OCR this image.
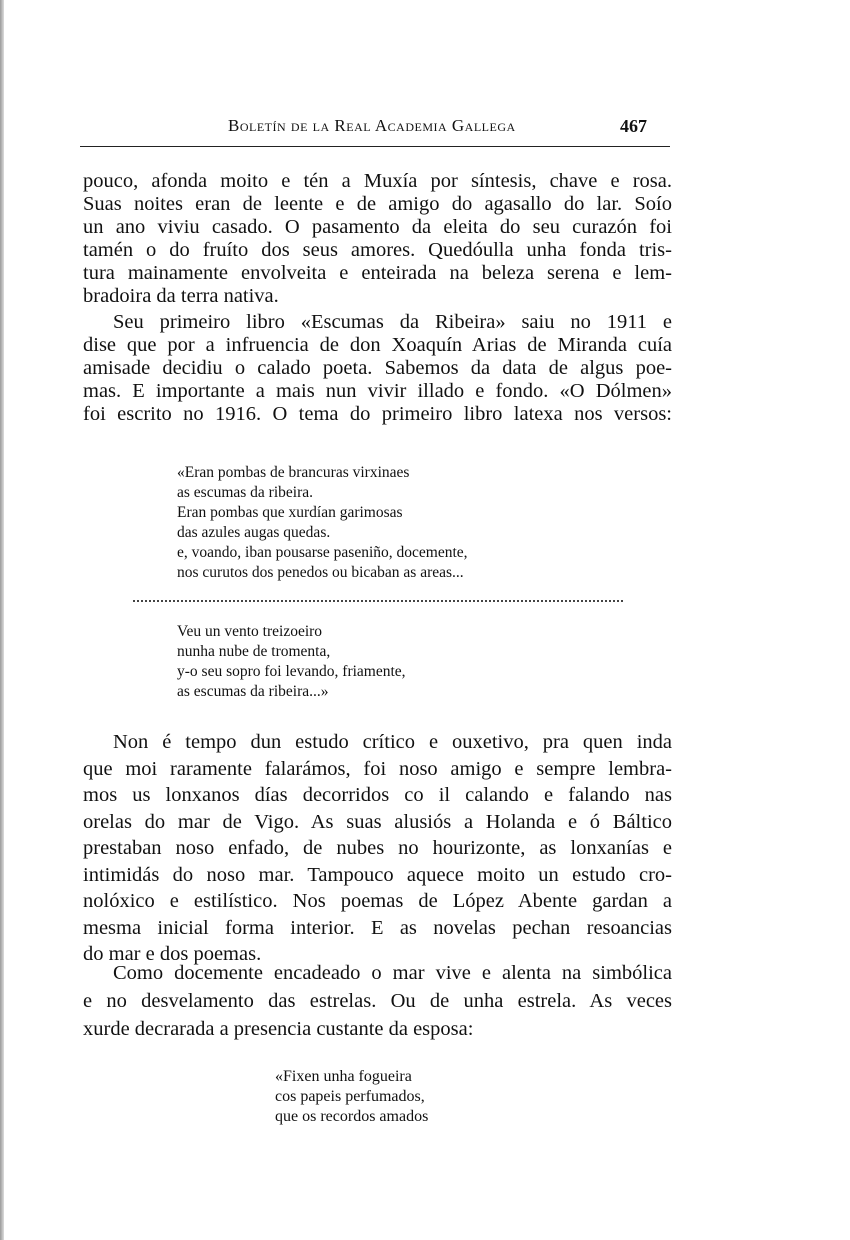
Boletín de la Real Academia Gallega	467
pouco, afonda moito e tén a Muxía por síntesis, chave e rosa.
Suas noites eran de leente e de amigo do agasallo do lar. Soío
un ano viviu casado. O pasamento da eleita do seu curazón foi
tamén o do fruíto dos seus amores. Quedóulla unha fonda tris-
tura mainamente envolveita e enteirada na beleza serena e lem-
bradoira da terra nativa.
Seu primeiro libro «Escumas da Ribeira» saiu no 1911 e
dise que por a infruencia de don Xoaquín Arias de Miranda cuía
amisade decidiu o calado poeta. Sabemos da data de algus poe-
mas. E importante a mais nun vivir illado e fondo. «O Dólmen»
foi escrito no 1916. O tema do primeiro libro latexa nos versos:
«Eran pombas de brancuras virxinaes
as escumas da ribeira.
Eran pombas que xurdían garimosas
das azules augas quedas.
e, voando, iban pousarse paseniño, docemente,
nos curutos dos penedos ou bicaban as areas...
Veu un vento treizoeiro
nunha nube de tromenta,
y-o seu sopro foi levando, friamente,
as escumas da ribeira...»
Non é tempo dun estudo crítico e ouxetivo, pra quen inda
que moi raramente falarámos, foi noso amigo e sempre lembra-
mos us lonxanos días decorridos co il calando e falando nas
orelas do mar de Vigo. As suas alusiós a Holanda e ó Báltico
prestaban noso enfado, de nubes no hourizonte, as lonxanías e
intimidás do noso mar. Tampouco aquece moito un estudo cro-
nolóxico e estilístico. Nos poemas de López Abente gardan a
mesma inicial forma interior. E as novelas pechan resoancias
do mar e dos poemas.
Como docemente encadeado o mar vive e alenta na simbólica
e no desvelamento das estrelas. Ou de unha estrela. As veces
xurde decrarada a presencia custante da esposa:
«Fixen unha fogueira
cos papeis perfumados,
que os recordos amados
